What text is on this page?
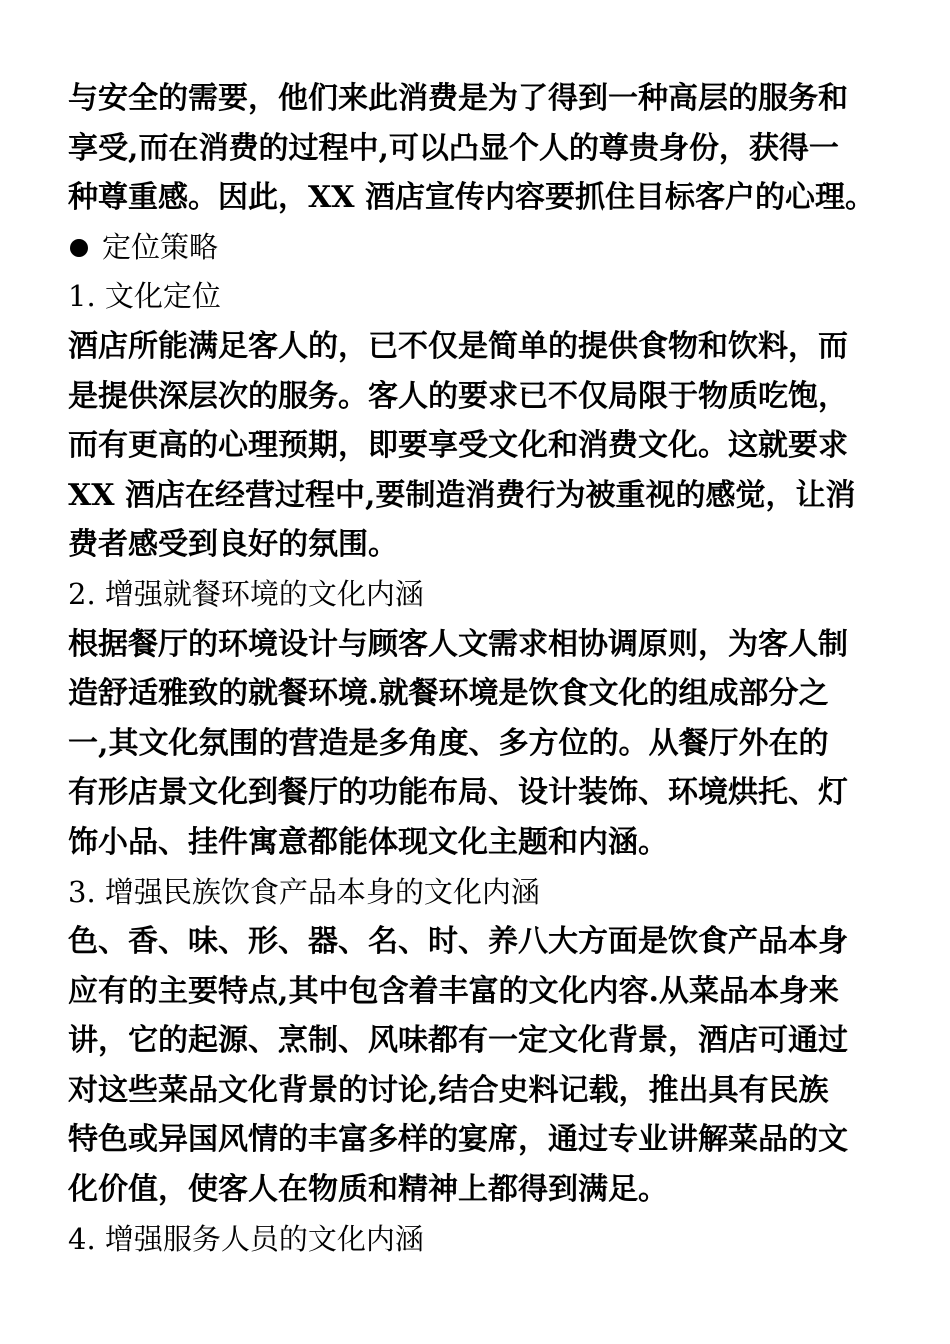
与安全的需要，他们来此消费是为了得到一种高层的服务和
享受,而在消费的过程中,可以凸显个人的尊贵身份，获得一
种尊重感。因此，XX 酒店宣传内容要抓住目标客户的心理。
定位策略
1. 文化定位
酒店所能满足客人的，已不仅是简单的提供食物和饮料，而
是提供深层次的服务。客人的要求已不仅局限于物质吃饱，
而有更高的心理预期，即要享受文化和消费文化。这就要求
XX 酒店在经营过程中,要制造消费行为被重视的感觉，让消
费者感受到良好的氛围。
2. 增强就餐环境的文化内涵
根据餐厅的环境设计与顾客人文需求相协调原则，为客人制
造舒适雅致的就餐环境.就餐环境是饮食文化的组成部分之
一,其文化氛围的营造是多角度、多方位的。从餐厅外在的
有形店景文化到餐厅的功能布局、设计装饰、环境烘托、灯
饰小品、挂件寓意都能体现文化主题和内涵。
3. 增强民族饮食产品本身的文化内涵
色、香、味、形、器、名、时、养八大方面是饮食产品本身
应有的主要特点,其中包含着丰富的文化内容.从菜品本身来
讲，它的起源、烹制、风味都有一定文化背景，酒店可通过
对这些菜品文化背景的讨论,结合史料记载，推出具有民族
特色或异国风情的丰富多样的宴席，通过专业讲解菜品的文
化价值，使客人在物质和精神上都得到满足。
4. 增强服务人员的文化内涵
